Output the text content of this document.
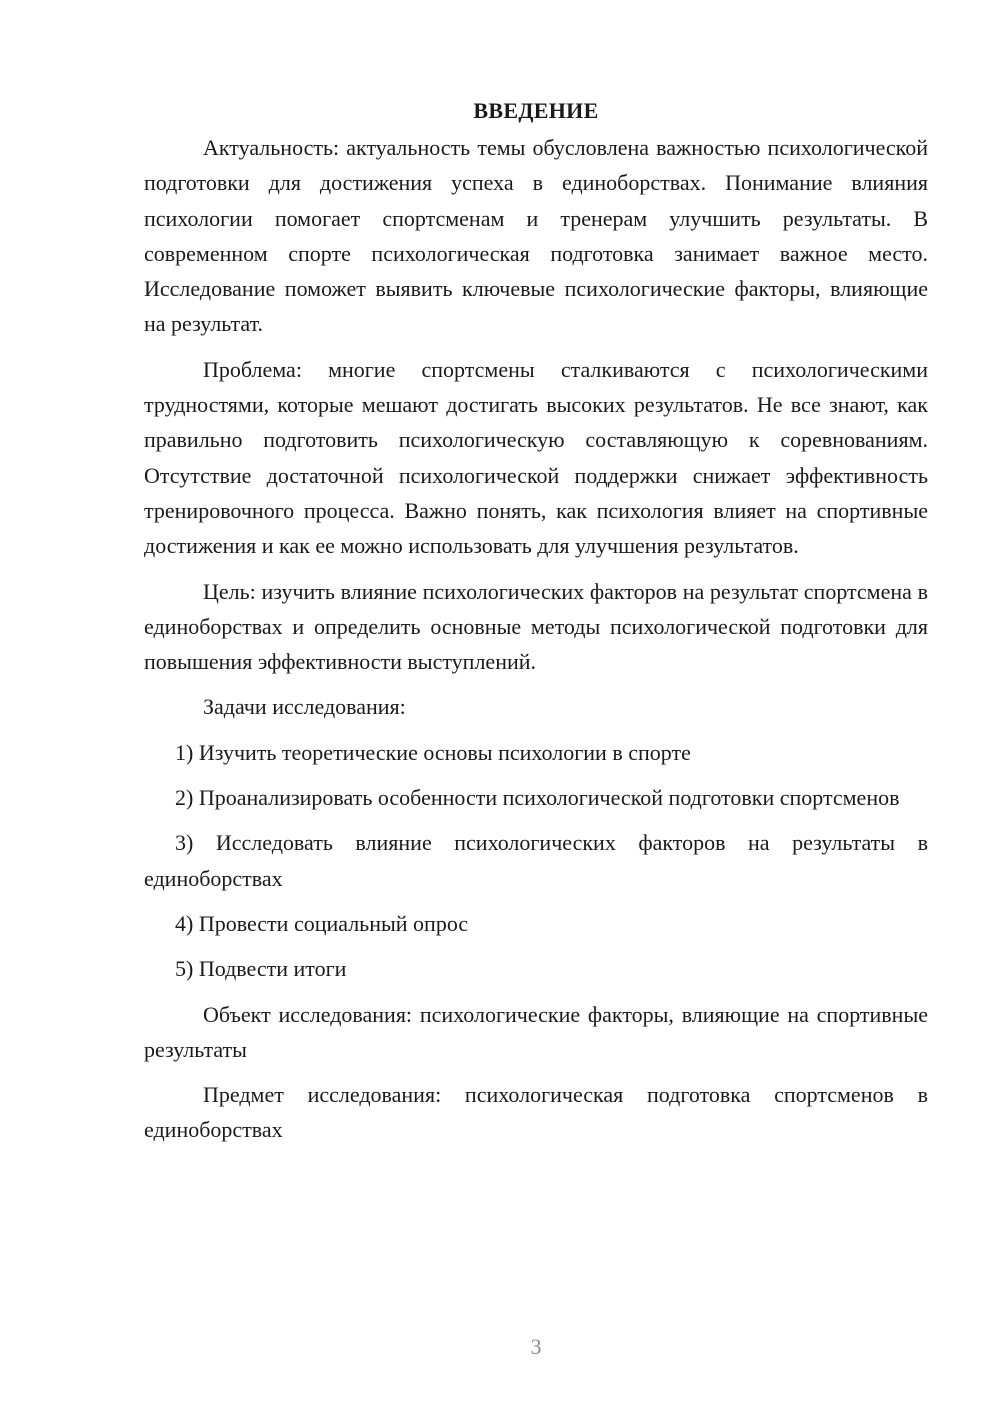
ВВЕДЕНИЕ

Актуальность: актуальность темы обусловлена важностью психологической подготовки для достижения успеха в единоборствах. Понимание влияния психологии помогает спортсменам и тренерам улучшить результаты. В современном спорте психологическая подготовка занимает важное место. Исследование поможет выявить ключевые психологические факторы, влияющие на результат.

Проблема: многие спортсмены сталкиваются с психологическими трудностями, которые мешают достигать высоких результатов. Не все знают, как правильно подготовить психологическую составляющую к соревнованиям. Отсутствие достаточной психологической поддержки снижает эффективность тренировочного процесса. Важно понять, как психология влияет на спортивные достижения и как ее можно использовать для улучшения результатов.

Цель: изучить влияние психологических факторов на результат спортсмена в единоборствах и определить основные методы психологической подготовки для повышения эффективности выступлений.

Задачи исследования:

1) Изучить теоретические основы психологии в спорте

2) Проанализировать особенности психологической подготовки спортсменов

3) Исследовать влияние психологических факторов на результаты в единоборствах

4) Провести социальный опрос

5) Подвести итоги

Объект исследования: психологические факторы, влияющие на спортивные результаты

Предмет исследования: психологическая подготовка спортсменов в единоборствах

3
